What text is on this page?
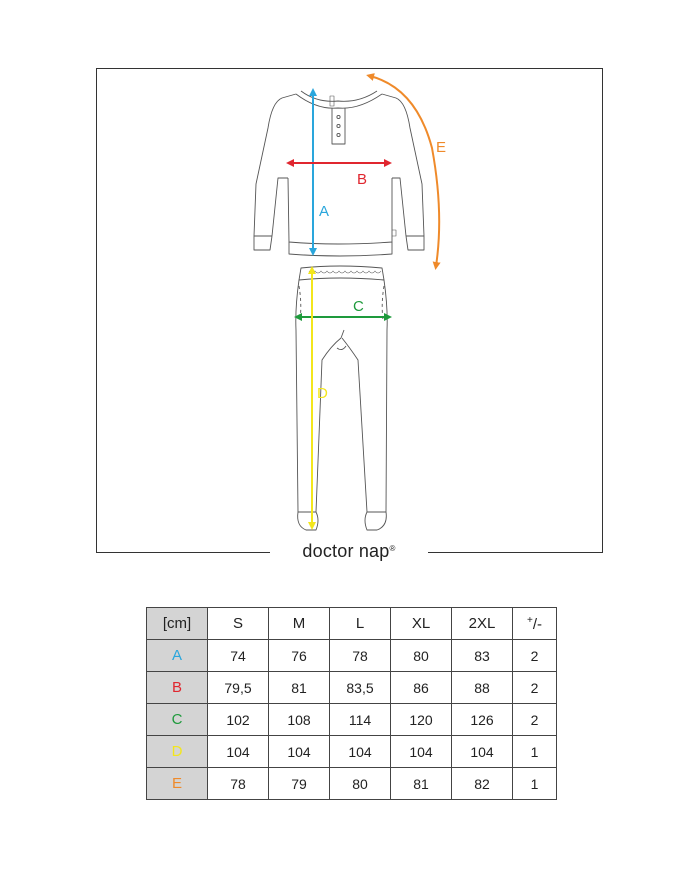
A
B
C
D
E
doctor nap®
[cm]	S	M	L	XL	2XL	+/-
A	74	76	78	80	83	2
B	79,5	81	83,5	86	88	2
C	102	108	114	120	126	2
D	104	104	104	104	104	1
E	78	79	80	81	82	1
